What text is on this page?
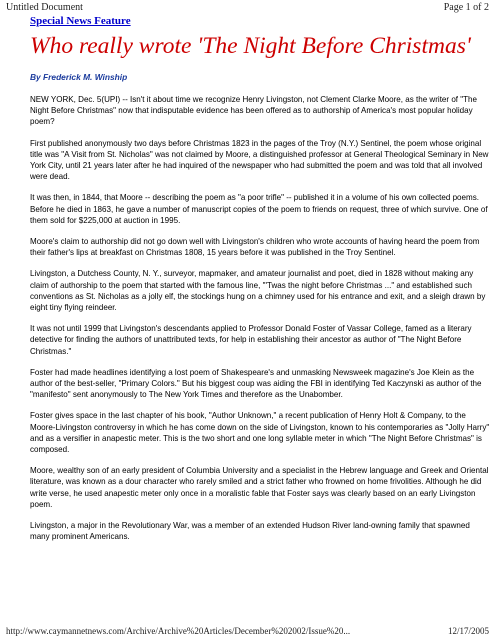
Untitled Document	Page 1 of 2
Special News Feature
Who really wrote 'The Night Before Christmas'
By Frederick M. Winship

NEW YORK, Dec. 5(UPI) -- Isn't it about time we recognize Henry Livingston, not Clement Clarke Moore, as the writer of "The Night Before Christmas" now that indisputable evidence has been offered as to authorship of America's most popular holiday poem?

First published anonymously two days before Christmas 1823 in the pages of the Troy (N.Y.) Sentinel, the poem whose original title was "A Visit from St. Nicholas" was not claimed by Moore, a distinguished professor at General Theological Seminary in New York City, until 21 years later after he had inquired of the newspaper who had submitted the poem and was told that all involved were dead.

It was then, in 1844, that Moore -- describing the poem as "a poor trifle" -- published it in a volume of his own collected poems. Before he died in 1863, he gave a number of manuscript copies of the poem to friends on request, three of which survive. One of them sold for $225,000 at auction in 1995.

Moore's claim to authorship did not go down well with Livingston's children who wrote accounts of having heard the poem from their father's lips at breakfast on Christmas 1808, 15 years before it was published in the Troy Sentinel.

Livingston, a Dutchess County, N. Y., surveyor, mapmaker, and amateur journalist and poet, died in 1828 without making any claim of authorship to the poem that started with the famous line, "'Twas the night before Christmas ..." and established such conventions as St. Nicholas as a jolly elf, the stockings hung on a chimney used for his entrance and exit, and a sleigh drawn by eight tiny flying reindeer.

It was not until 1999 that Livingston's descendants applied to Professor Donald Foster of Vassar College, famed as a literary detective for finding the authors of unattributed texts, for help in establishing their ancestor as author of "The Night Before Christmas."

Foster had made headlines identifying a lost poem of Shakespeare's and unmasking Newsweek magazine's Joe Klein as the author of the best-seller, "Primary Colors." But his biggest coup was aiding the FBI in identifying Ted Kaczynski as author of the "manifesto" sent anonymously to The New York Times and therefore as the Unabomber.

Foster gives space in the last chapter of his book, "Author Unknown," a recent publication of Henry Holt & Company, to the Moore-Livingston controversy in which he has come down on the side of Livingston, known to his contemporaries as "Jolly Harry" and as a versifier in anapestic meter. This is the two short and one long syllable meter in which "The Night Before Christmas" is composed.

Moore, wealthy son of an early president of Columbia University and a specialist in the Hebrew language and Greek and Oriental literature, was known as a dour character who rarely smiled and a strict father who frowned on home frivolities. Although he did write verse, he used anapestic meter only once in a moralistic fable that Foster says was clearly based on an early Livingston poem.

Livingston, a major in the Revolutionary War, was a member of an extended Hudson River land-owning family that spawned many prominent Americans.

http://www.caymannetnews.com/Archive/Archive%20Articles/December%202002/Issue%20...	12/17/2005
